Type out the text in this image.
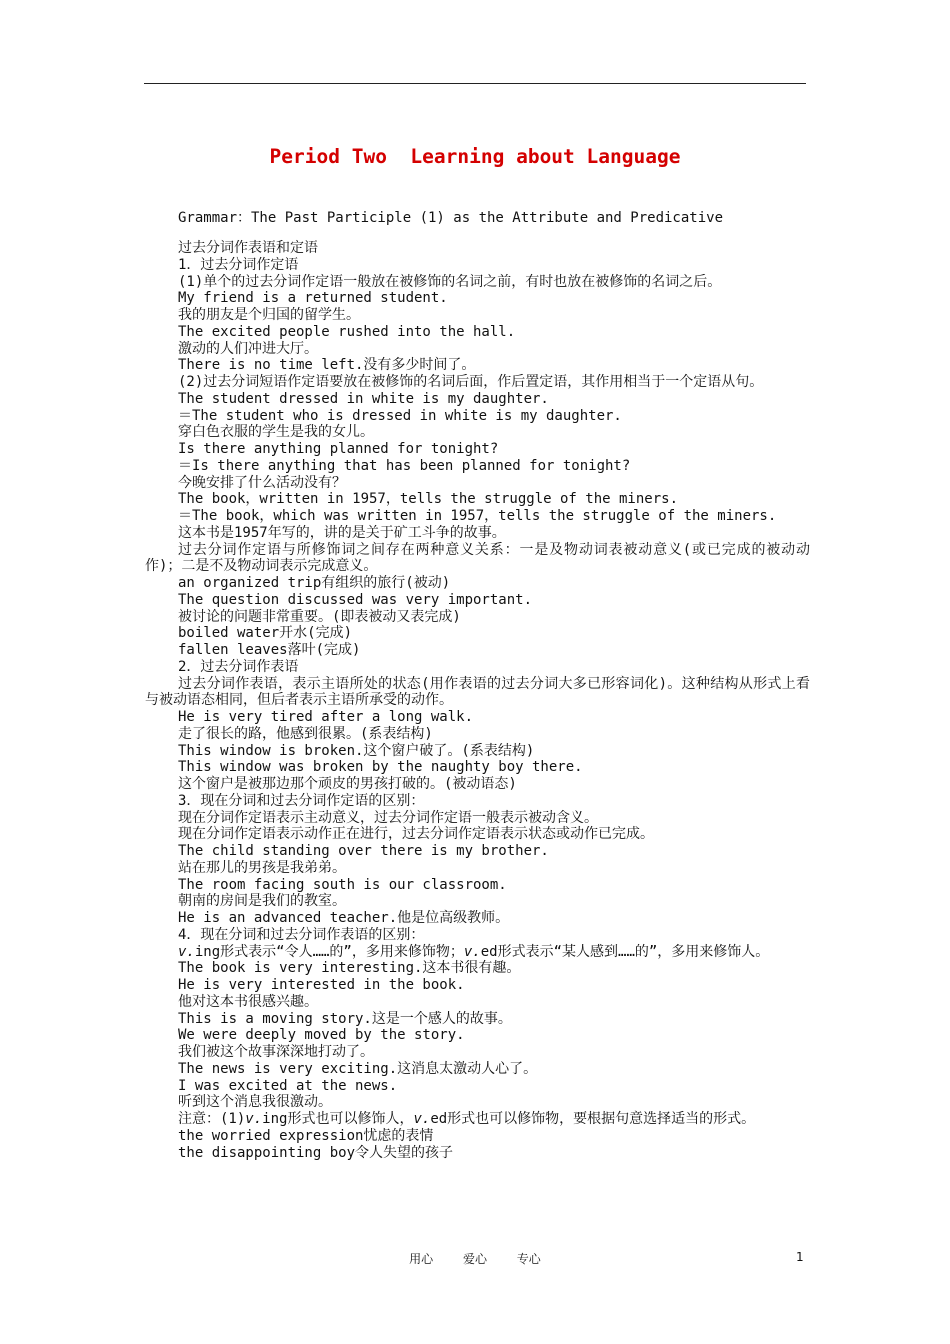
Period Two  Learning about Language
Grammar：The Past Participle (1) as the Attribute and Predicative
过去分词作表语和定语
1．过去分词作定语
(1)单个的过去分词作定语一般放在被修饰的名词之前，有时也放在被修饰的名词之后。
My friend is a returned student.
我的朋友是个归国的留学生。
The excited people rushed into the hall.
激动的人们冲进大厅。
There is no time left.没有多少时间了。
(2)过去分词短语作定语要放在被修饰的名词后面，作后置定语，其作用相当于一个定语从句。
The student dressed in white is my daughter.
＝The student who is dressed in white is my daughter.
穿白色衣服的学生是我的女儿。
Is there anything planned for tonight?
＝Is there anything that has been planned for tonight?
今晚安排了什么活动没有？
The book，written in 1957，tells the struggle of the miners.
＝The book，which was written in 1957，tells the struggle of the miners.
这本书是1957年写的，讲的是关于矿工斗争的故事。
过去分词作定语与所修饰词之间存在两种意义关系：一是及物动词表被动意义(或已完成的被动动作)；二是不及物动词表示完成意义。
an organized trip有组织的旅行(被动)
The question discussed was very important.
被讨论的问题非常重要。(即表被动又表完成)
boiled water开水(完成)
fallen leaves落叶(完成)
2．过去分词作表语
过去分词作表语，表示主语所处的状态(用作表语的过去分词大多已形容词化)。这种结构从形式上看与被动语态相同，但后者表示主语所承受的动作。
He is very tired after a long walk.
走了很长的路，他感到很累。(系表结构)
This window is broken.这个窗户破了。(系表结构)
This window was broken by the naughty boy there.
这个窗户是被那边那个顽皮的男孩打破的。(被动语态)
3．现在分词和过去分词作定语的区别：
现在分词作定语表示主动意义，过去分词作定语一般表示被动含义。
现在分词作定语表示动作正在进行，过去分词作定语表示状态或动作已完成。
The child standing over there is my brother.
站在那儿的男孩是我弟弟。
The room facing south is our classroom.
朝南的房间是我们的教室。
He is an advanced teacher.他是位高级教师。
4．现在分词和过去分词作表语的区别：
v.ing形式表示“令人……的”，多用来修饰物；v.ed形式表示“某人感到……的”，多用来修饰人。
The book is very interesting.这本书很有趣。
He is very interested in the book.
他对这本书很感兴趣。
This is a moving story.这是一个感人的故事。
We were deeply moved by the story.
我们被这个故事深深地打动了。
The news is very exciting.这消息太激动人心了。
I was excited at the news.
听到这个消息我很激动。
注意：(1)v.ing形式也可以修饰人，v.ed形式也可以修饰物，要根据句意选择适当的形式。
the worried expression忧虑的表情
the disappointing boy令人失望的孩子
用心 爱心 专心	1
